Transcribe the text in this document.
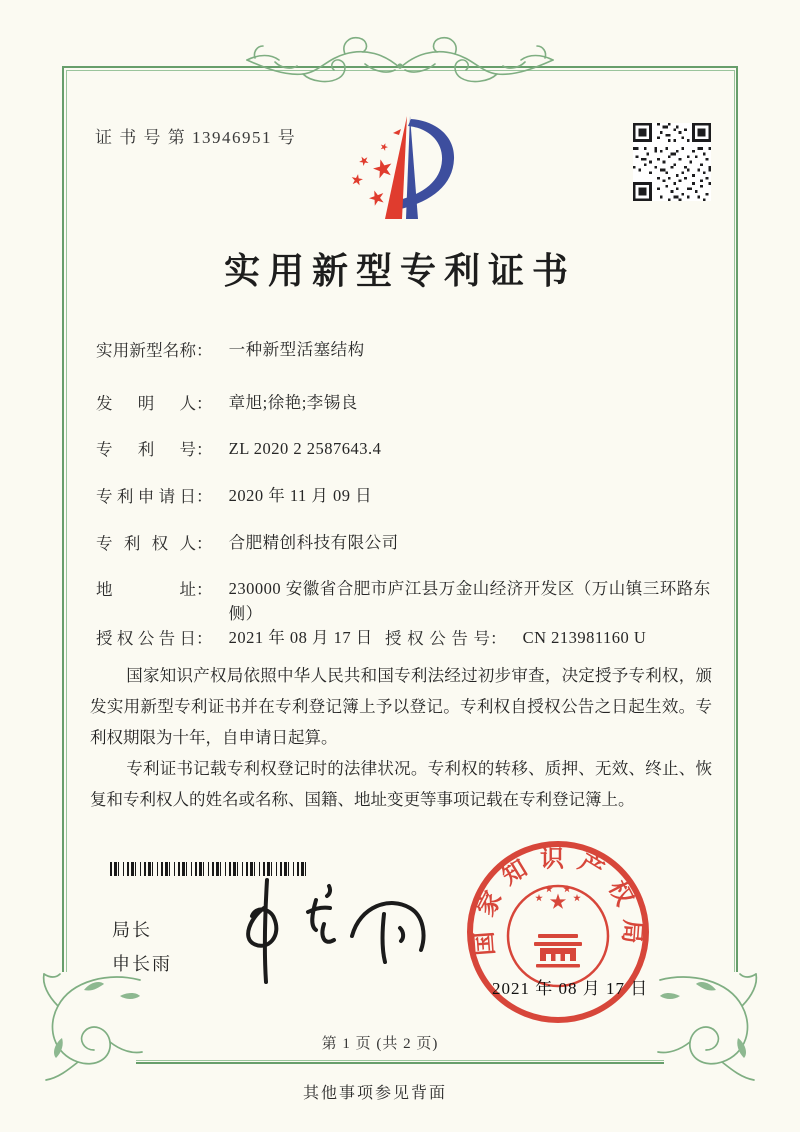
证 书 号 第 13946951 号
实用新型专利证书
实用新型名称： 一种新型活塞结构
发明人： 章旭;徐艳;李锡良
专利号： ZL 2020 2 2587643.4
专利申请日： 2020 年 11 月 09 日
专利权人： 合肥精创科技有限公司
地址： 230000 安徽省合肥市庐江县万金山经济开发区（万山镇三环路东侧）
授权公告日： 2021 年 08 月 17 日 授权公告号： CN 213981160 U

国家知识产权局依照中华人民共和国专利法经过初步审查，决定授予专利权，颁发实用新型专利证书并在专利登记簿上予以登记。专利权自授权公告之日起生效。专利权期限为十年，自申请日起算。

专利证书记载专利权登记时的法律状况。专利权的转移、质押、无效、终止、恢复和专利权人的姓名或名称、国籍、地址变更等事项记载在专利登记簿上。

局长
申长雨
国家知识产权局
2021 年 08 月 17 日
第 1 页 (共 2 页)
其他事项参见背面
